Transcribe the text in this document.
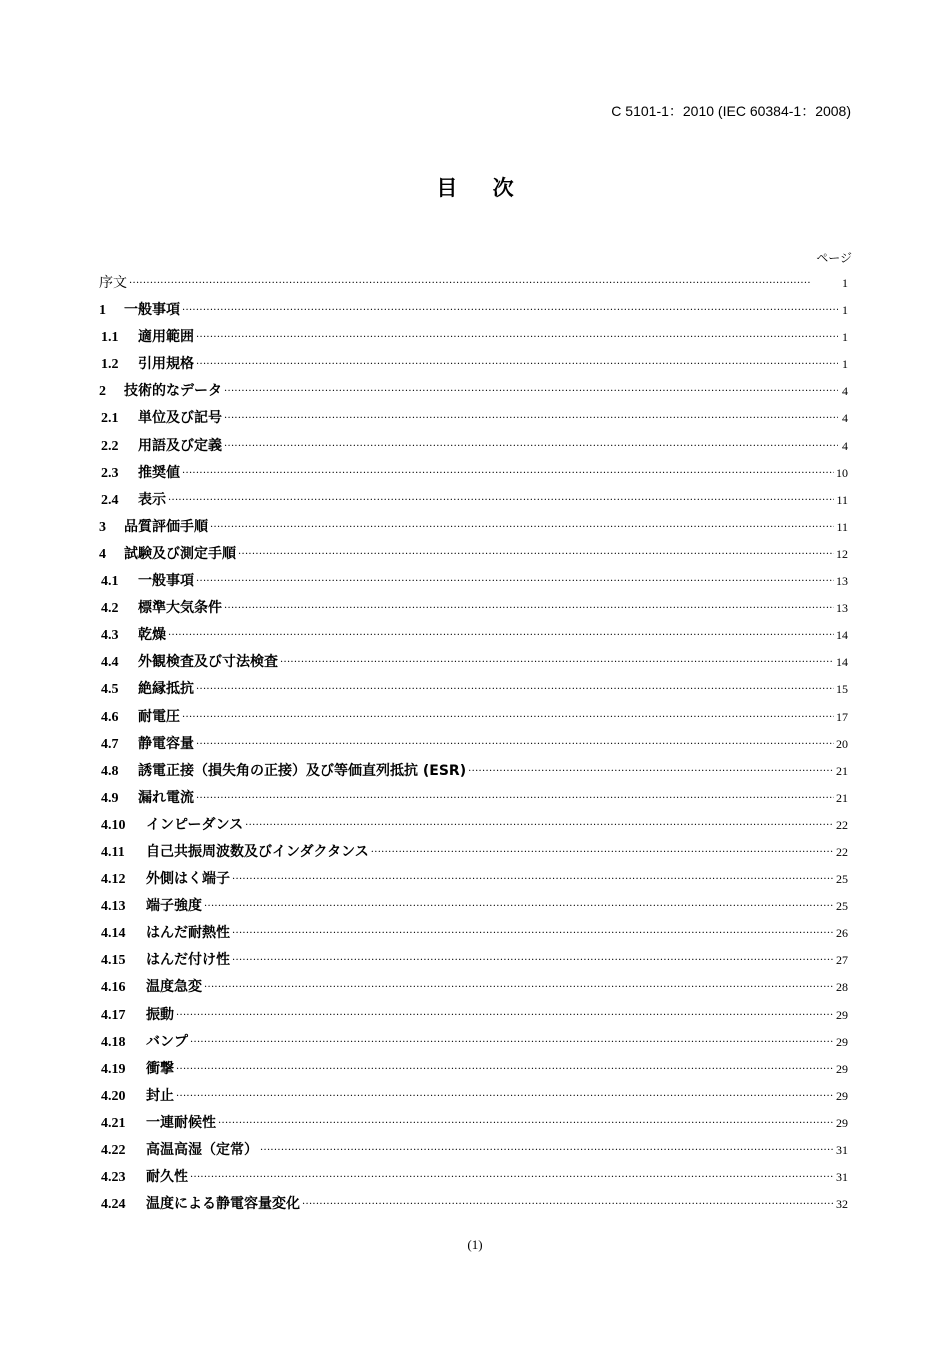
C 5101-1：2010 (IEC 60384-1：2008)
目 次
ページ
序文 ·····	1
1	一般事項 ·····	1
1.1	適用範囲 ·····	1
1.2	引用規格 ·····	1
2	技術的なデータ ·····	4
2.1	単位及び記号 ·····	4
2.2	用語及び定義 ·····	4
2.3	推奨値 ·····	10
2.4	表示 ·····	11
3	品質評価手順 ·····	11
4	試験及び測定手順 ·····	12
4.1	一般事項 ·····	13
4.2	標準大気条件 ·····	13
4.3	乾燥 ·····	14
4.4	外観検査及び寸法検査 ·····	14
4.5	絶縁抵抗 ·····	15
4.6	耐電圧 ·····	17
4.7	静電容量 ·····	20
4.8	誘電正接（損失角の正接）及び等価直列抵抗 (ESR) ·····	21
4.9	漏れ電流 ·····	21
4.10	インピーダンス ·····	22
4.11	自己共振周波数及びインダクタンス ·····	22
4.12	外側はく端子 ·····	25
4.13	端子強度 ·····	25
4.14	はんだ耐熱性 ·····	26
4.15	はんだ付け性 ·····	27
4.16	温度急変 ·····	28
4.17	振動 ·····	29
4.18	バンプ ·····	29
4.19	衝撃 ·····	29
4.20	封止 ·····	29
4.21	一連耐候性 ·····	29
4.22	高温高湿（定常） ·····	31
4.23	耐久性 ·····	31
4.24	温度による静電容量変化 ·····	32
(1)
